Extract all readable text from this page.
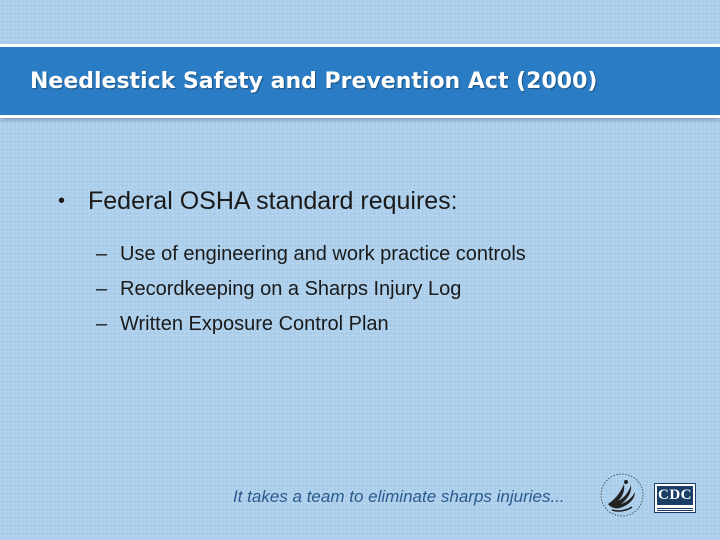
Needlestick Safety and Prevention Act (2000)
• Federal OSHA standard requires:
– Use of engineering and work practice controls
– Recordkeeping on a Sharps Injury Log
– Written Exposure Control Plan
It takes a team to eliminate sharps injuries...	CDC
